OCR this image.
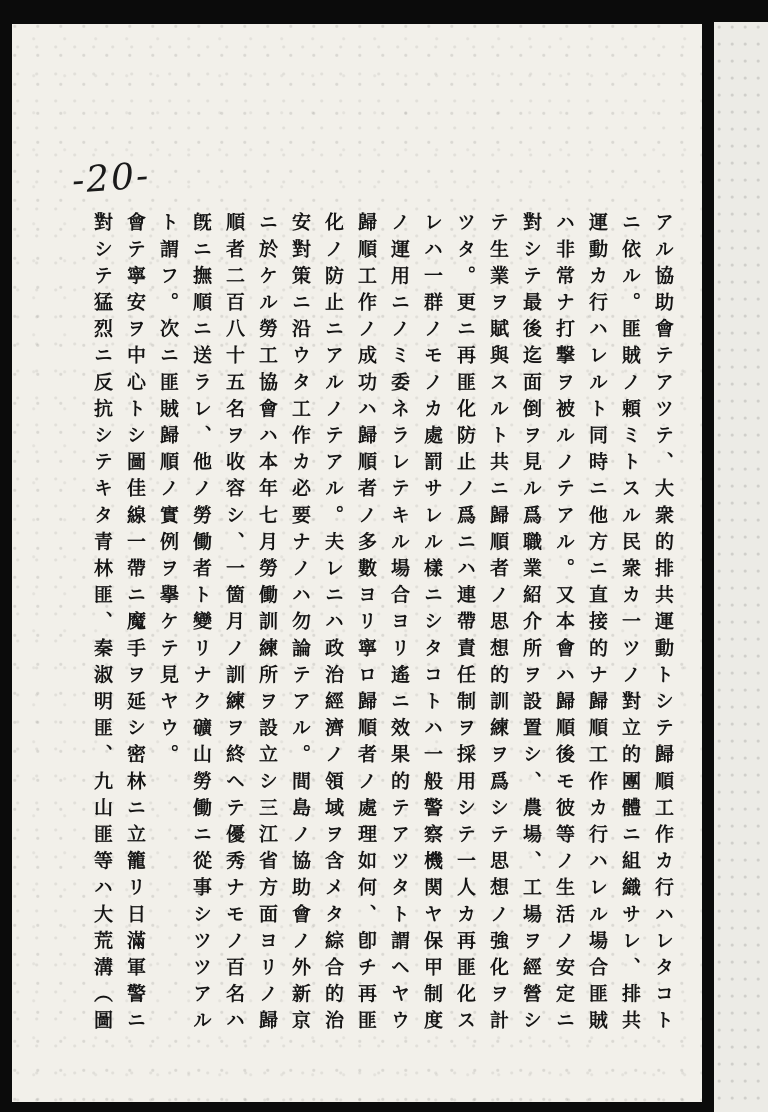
-20-
アル協助會テアツテ、大衆的排共運動トシテ歸順工作カ行ハレタコト
ニ依ル。匪賊ノ頼ミトスル民衆カ一ツノ對立的團體ニ組織サレ、排共
運動カ行ハレルト同時ニ他方ニ直接的ナ歸順工作カ行ハレル場合匪賊
ハ非常ナ打撃ヲ被ルノテアル。又本會ハ歸順後モ彼等ノ生活ノ安定ニ
對シテ最後迄面倒ヲ見ル爲職業紹介所ヲ設置シ、農場、工場ヲ經營シ
テ生業ヲ賦與スルト共ニ歸順者ノ思想的訓練ヲ爲シテ思想ノ強化ヲ計
ツタ。更ニ再匪化防止ノ爲ニハ連帶責任制ヲ採用シテ一人カ再匪化ス
レハ一群ノモノカ處罰サレル樣ニシタコトハ一般警察機関ヤ保甲制度
ノ運用ニノミ委ネラレテキル場合ヨリ遙ニ效果的テアツタト謂ヘヤウ
歸順工作ノ成功ハ歸順者ノ多數ヨリ寧ロ歸順者ノ處理如何、卽チ再匪
化ノ防止ニアルノテアル。夫レニハ政治經濟ノ領域ヲ含メタ綜合的治
安對策ニ沿ウタ工作カ必要ナノハ勿論テアル。間島ノ協助會ノ外新京
ニ於ケル勞工協會ハ本年七月勞働訓練所ヲ設立シ三江省方面ヨリノ歸
順者二百八十五名ヲ收容シ、一箇月ノ訓練ヲ終ヘテ優秀ナモノ百名ハ
旣ニ撫順ニ送ラレ、他ノ勞働者ト變リナク礦山勞働ニ從事シツツアル
ト謂フ。次ニ匪賊歸順ノ實例ヲ擧ケテ見ヤウ。
會テ寧安ヲ中心トシ圖佳線一帶ニ魔手ヲ延シ密林ニ立籠リ日滿軍警ニ
對シテ猛烈ニ反抗シテキタ青林匪、秦淑明匪、九山匪等ハ大荒溝（圖
